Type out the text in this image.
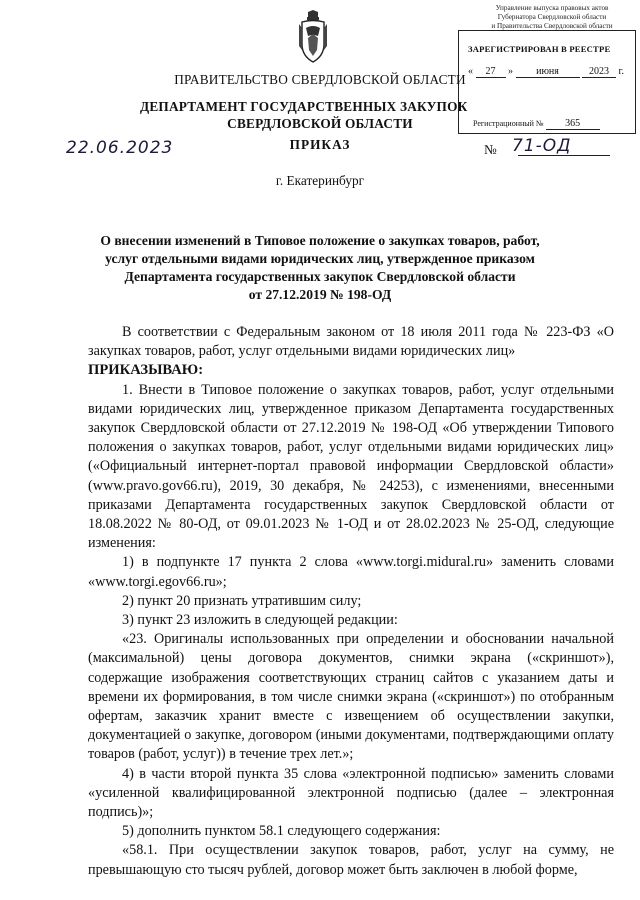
Управление выпуска правовых актов
Губернатора Свердловской области
и Правительства Свердловской области
ЗАРЕГИСТРИРОВАН В РЕЕСТРЕ
« 27 » июня	2023 г.
Регистрационный № 365
ПРАВИТЕЛЬСТВО СВЕРДЛОВСКОЙ ОБЛАСТИ
ДЕПАРТАМЕНТ ГОСУДАРСТВЕННЫХ ЗАКУПОК
СВЕРДЛОВСКОЙ ОБЛАСТИ
ПРИКАЗ
22.06.2023	№ 71-ОД
г. Екатеринбург
О внесении изменений в Типовое положение о закупках товаров, работ,
услуг отдельными видами юридических лиц, утвержденное приказом
Департамента государственных закупок Свердловской области
от 27.12.2019 № 198-ОД

В соответствии с Федеральным законом от 18 июля 2011 года № 223-ФЗ «О закупках товаров, работ, услуг отдельными видами юридических лиц»

ПРИКАЗЫВАЮ:

1. Внести в Типовое положение о закупках товаров, работ, услуг отдельными видами юридических лиц, утвержденное приказом Департамента государственных закупок Свердловской области от 27.12.2019 № 198-ОД «Об утверждении Типового положения о закупках товаров, работ, услуг отдельными видами юридических лиц» («Официальный интернет-портал правовой информации Свердловской области» (www.pravo.gov66.ru), 2019, 30 декабря, № 24253), с изменениями, внесенными приказами Департамента государственных закупок Свердловской области от 18.08.2022 № 80-ОД, от 09.01.2023 № 1-ОД и от 28.02.2023 № 25-ОД, следующие изменения:

1) в подпункте 17 пункта 2 слова «www.torgi.midural.ru» заменить словами «www.torgi.egov66.ru»;

2) пункт 20 признать утратившим силу;

3) пункт 23 изложить в следующей редакции:

«23. Оригиналы использованных при определении и обосновании начальной (максимальной) цены договора документов, снимки экрана («скриншот»), содержащие изображения соответствующих страниц сайтов с указанием даты и времени их формирования, в том числе снимки экрана («скриншот») по отобранным офертам, заказчик хранит вместе с извещением об осуществлении закупки, документацией о закупке, договором (иными документами, подтверждающими оплату товаров (работ, услуг)) в течение трех лет.»;

4) в части второй пункта 35 слова «электронной подписью» заменить словами «усиленной квалифицированной электронной подписью (далее – электронная подпись)»;

5) дополнить пунктом 58.1 следующего содержания:

«58.1. При осуществлении закупок товаров, работ, услуг на сумму, не превышающую сто тысяч рублей, договор может быть заключен в любой форме,
